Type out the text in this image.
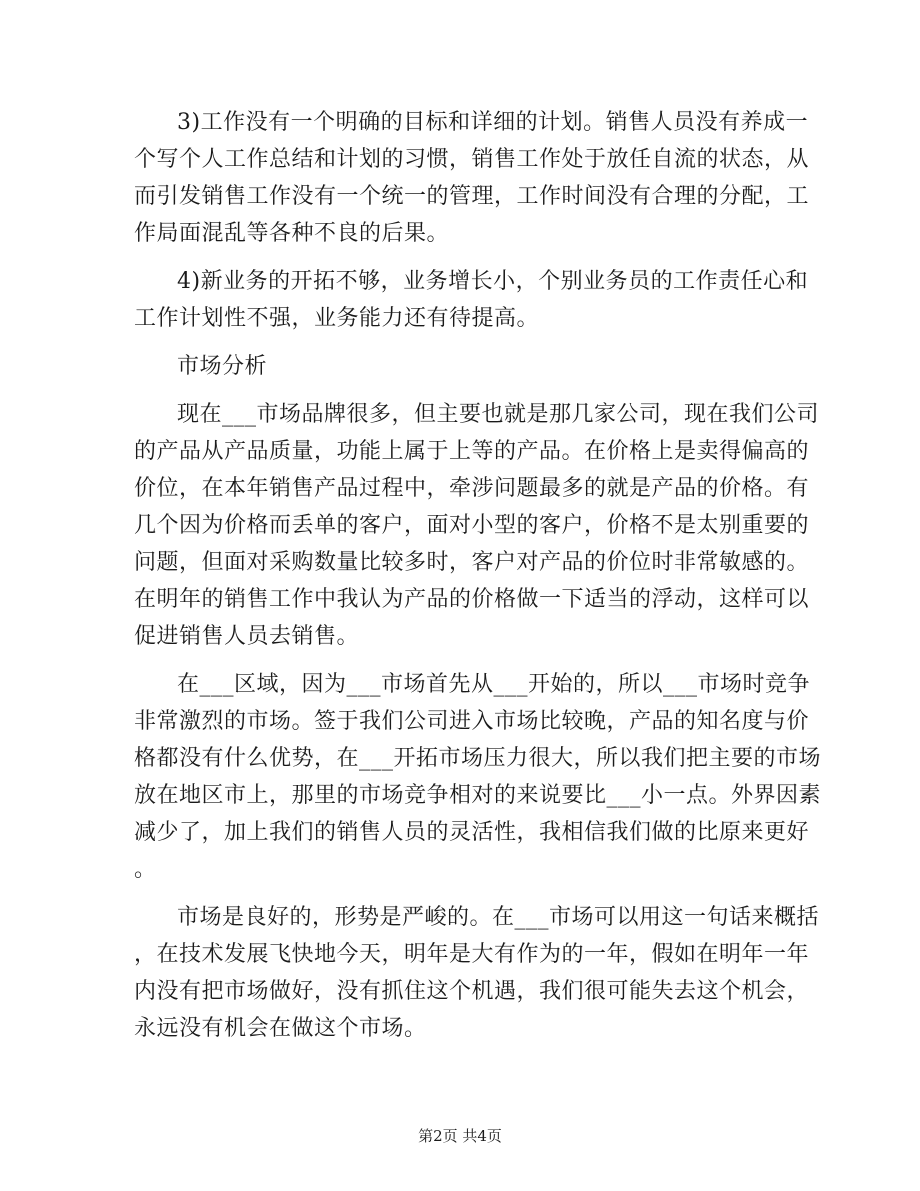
3)工作没有一个明确的目标和详细的计划。销售人员没有养成一
个写个人工作总结和计划的习惯，销售工作处于放任自流的状态，从
而引发销售工作没有一个统一的管理，工作时间没有合理的分配，工
作局面混乱等各种不良的后果。
4)新业务的开拓不够，业务增长小，个别业务员的工作责任心和
工作计划性不强，业务能力还有待提高。
市场分析
现在___市场品牌很多，但主要也就是那几家公司，现在我们公司
的产品从产品质量，功能上属于上等的产品。在价格上是卖得偏高的
价位，在本年销售产品过程中，牵涉问题最多的就是产品的价格。有
几个因为价格而丢单的客户，面对小型的客户，价格不是太别重要的
问题，但面对采购数量比较多时，客户对产品的价位时非常敏感的。
在明年的销售工作中我认为产品的价格做一下适当的浮动，这样可以
促进销售人员去销售。
在___区域，因为___市场首先从___开始的，所以___市场时竞争
非常激烈的市场。签于我们公司进入市场比较晚，产品的知名度与价
格都没有什么优势，在___开拓市场压力很大，所以我们把主要的市场
放在地区市上，那里的市场竞争相对的来说要比___小一点。外界因素
减少了，加上我们的销售人员的灵活性，我相信我们做的比原来更好
。
市场是良好的，形势是严峻的。在___市场可以用这一句话来概括
，在技术发展飞快地今天，明年是大有作为的一年，假如在明年一年
内没有把市场做好，没有抓住这个机遇，我们很可能失去这个机会，
永远没有机会在做这个市场。
第2页 共4页
